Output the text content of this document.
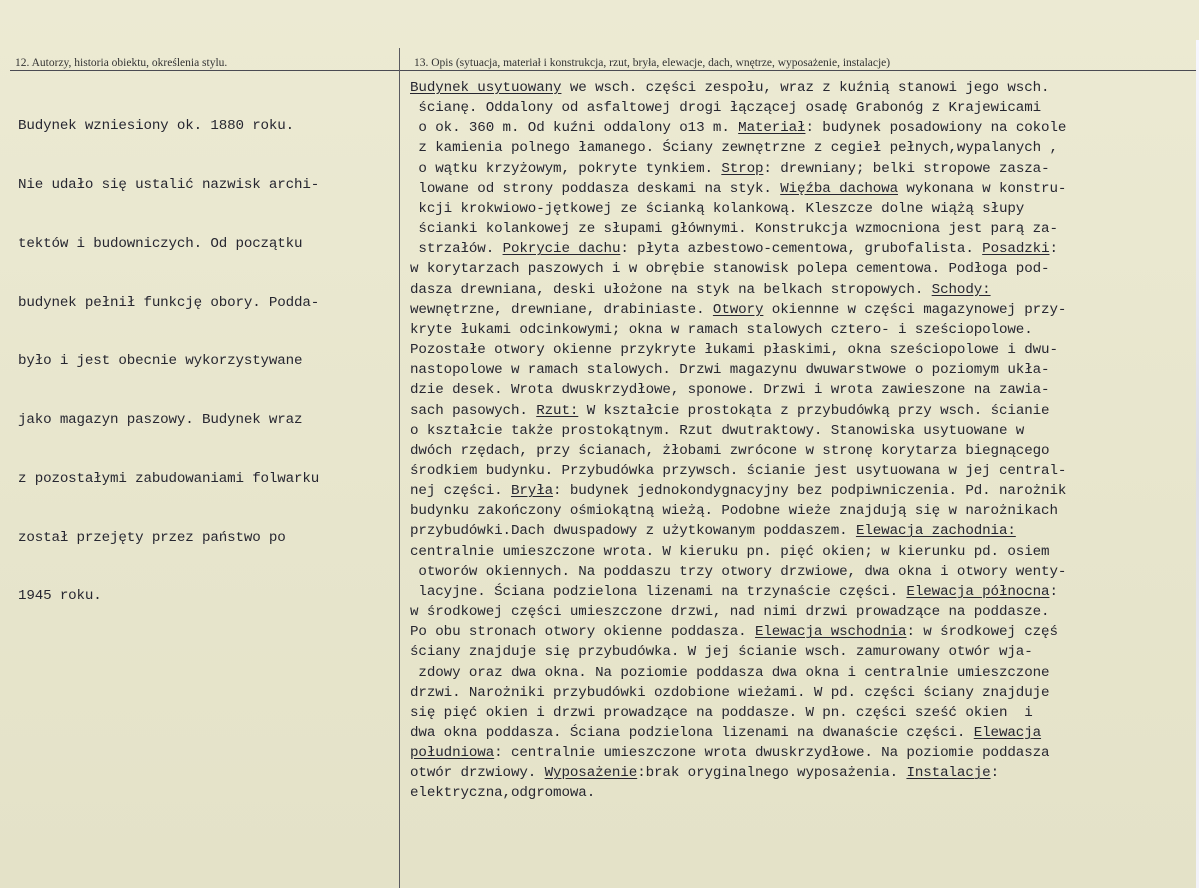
12. Autorzy, historia obiektu, określenia stylu.	13. Opis (sytuacja, materiał i konstrukcja, rzut, bryła, elewacje, dach, wnętrze, wyposażenie, instalacje)

Budynek wzniesiony ok. 1880 roku.

Nie udało się ustalić nazwisk archi-

tektów i budowniczych. Od początku

budynek pełnił funkcję obory. Podda-

było i jest obecnie wykorzystywane

jako magazyn paszowy. Budynek wraz

z pozostałymi zabudowaniami folwarku

został przejęty przez państwo po

1945 roku.

Budynek usytuowany we wsch. części zespołu, wraz z kuźnią stanowi jego wsch.
ścianę. Oddalony od asfaltowej drogi łączącej osadę Grabonóg z Krajewicami
o ok. 360 m. Od kuźni oddalony o13 m. Materiał: budynek posadowiony na cokole
z kamienia polnego łamanego. Ściany zewnętrzne z cegieł pełnych,wypalanych ,
o wątku krzyżowym, pokryte tynkiem. Strop: drewniany; belki stropowe zaszа-
lowane od strony poddasza deskami na styk. Więźba dachowa wykonana w konstru-
kcji krokwiowo-jętkowej ze ścianką kolankową. Kleszcze dolne wiążą słupy
ścianki kolankowej ze słupami głównymi. Konstrukcja wzmocniona jest parą za-
strzałów. Pokrycie dachu: płyta azbestowo-cementowa, grubofalista. Posadzki:
w korytarzach paszowych i w obrębie stanowisk polepa cementowa. Podłoga pod-
dasza drewniana, deski ułożone na styk na belkach stropowych. Schody:
wewnętrzne, drewniane, drabiniaste. Otwory okiennne w części magazynowej przy-
kryte łukami odcinkowymi; okna w ramach stalowych cztero- i sześciopolowe.
Pozostałe otwory okienne przykryte łukami płaskimi, okna sześciopolowe i dwu-
nastopolowe w ramach stalowych. Drzwi magazynu dwuwarstwowe o poziomym ukła-
dzie desek. Wrota dwuskrzydłowe, sponowe. Drzwi i wrota zawieszone na zawia-
sach pasowych. Rzut: W kształcie prostokąta z przybudówką przy wsch. ścianie
o kształcie także prostokątnym. Rzut dwutraktowy. Stanowiska usytuowane w
dwóch rzędach, przy ścianach, żłobami zwrócone w stronę korytarza biegnącego
środkiem budynku. Przybudówka przywsch. ścianie jest usytuowana w jej central-
nej części. Bryła: budynek jednokondygnacyjny bez podpiwniczenia. Pd. narożnik
budynku zakończony ośmiokątną wieżą. Podobne wieże znajdują się w narożnikach
przybudówki.Dach dwuspadowy z użytkowanym poddaszem. Elewacja zachodnia:
centralnie umieszczone wrota. W kieruku pn. pięć okien; w kierunku pd. osiem
otworów okiennych. Na poddaszu trzy otwory drzwiowe, dwa okna i otwory wenty-
lacyjne. Ściana podzielona lizenami na trzynaście części. Elewacja północna:
w środkowej części umieszczone drzwi, nad nimi drzwi prowadzące na poddasze.
Po obu stronach otwory okienne poddasza. Elewacja wschodnia: w środkowej częś
ściany znajduje się przybudówka. W jej ścianie wsch. zamurowany otwór wja-
zdowy oraz dwa okna. Na poziomie poddasza dwa okna i centralnie umieszczone
drzwi. Narożniki przybudówki ozdobione wieżami. W pd. części ściany znajduje
się pięć okien i drzwi prowadzące na poddasze. W pn. części sześć okien  i
dwa okna poddasza. Ściana podzielona lizenami na dwanaście części. Elewacja
południowa: centralnie umieszczone wrota dwuskrzydłowe. Na poziomie poddasza
otwór drzwiowy. Wyposażenie:brak oryginalnego wyposażenia. Instalacje:
elektryczna,odgromowa.
